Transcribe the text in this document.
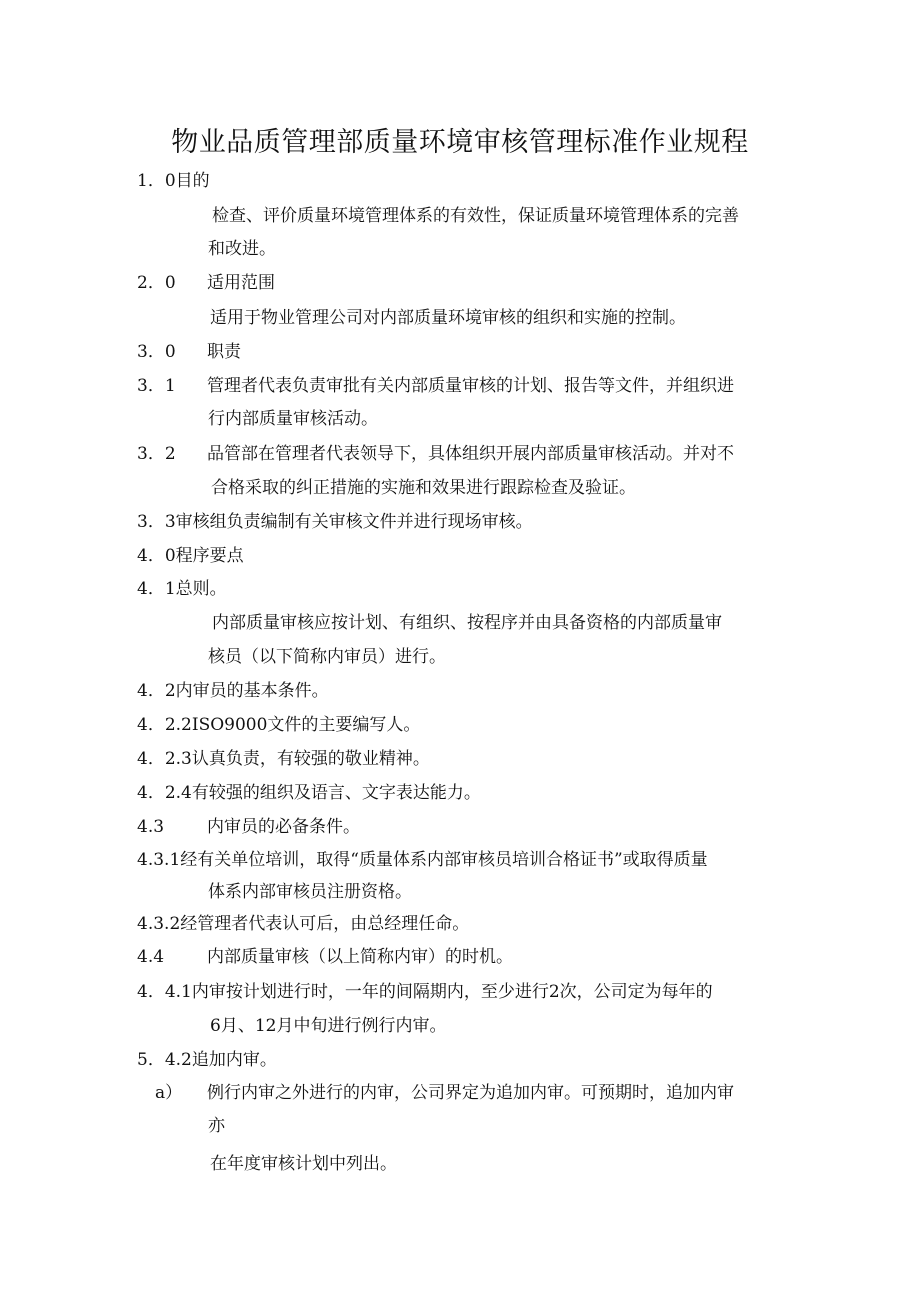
物业品质管理部质量环境审核管理标准作业规程
1．0目的
检查、评价质量环境管理体系的有效性，保证质量环境管理体系的完善
和改进。
2．0 适用范围
适用于物业管理公司对内部质量环境审核的组织和实施的控制。
3．0 职责
3．1 管理者代表负责审批有关内部质量审核的计划、报告等文件，并组织进
行内部质量审核活动。
3．2 品管部在管理者代表领导下，具体组织开展内部质量审核活动。并对不
合格采取的纠正措施的实施和效果进行跟踪检查及验证。
3．3审核组负责编制有关审核文件并进行现场审核。
4．0程序要点
4．1总则。
内部质量审核应按计划、有组织、按程序并由具备资格的内部质量审
核员（以下简称内审员）进行。
4．2内审员的基本条件。
4．2.2ISO9000文件的主要编写人。
4．2.3认真负责，有较强的敬业精神。
4．2.4有较强的组织及语言、文字表达能力。
4.3	内审员的必备条件。
4.3.1经有关单位培训，取得“质量体系内部审核员培训合格证书”或取得质量
体系内部审核员注册资格。
4.3.2经管理者代表认可后，由总经理任命。
4.4	内部质量审核（以上简称内审）的时机。
4．4.1内审按计划进行时，一年的间隔期内，至少进行2次，公司定为每年的
6月、12月中旬进行例行内审。
5．4.2追加内审。
a） 例行内审之外进行的内审，公司界定为追加内审。可预期时，追加内审
亦
在年度审核计划中列出。
